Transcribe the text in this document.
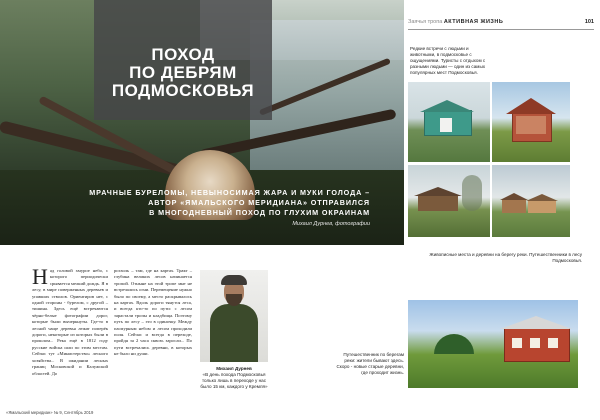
ПОХОД
ПО ДЕБРЯМ
ПОДМОСКОВЬЯ
МРАЧНЫЕ БУРЕЛОМЫ, НЕВЫНОСИМАЯ ЖАРА И МУКИ ГОЛОДА –
АВТОР «ЯМАЛЬСКОГО МЕРИДИАНА» ОТПРАВИЛСЯ
В МНОГОДНЕВНЫЙ ПОХОД ПО ГЛУХИМ ОКРАИНАМ
Михаил Дурнев, фотографии
Н ад головой хмурое небо, с которого периодически срывается мелкий дождь. Я в лесу, в мире поверженных деревьев и упавших стволов. Ориентиров нет, с одной стороны - бурелом, с другой – тишина. Здесь ещё встречаются чёрно-белые фотографии дорог, которые были вычеркнуты. Где-то в лесной чаще деревья лежат поперёк дороги, некоторые из которых были в прошлом... Река ещё в 1812 году русские войска шли по этим местам. Сейчас тут «Министерство» лесного хозяйства... В ожидании лесных границ Московской и Калужской областей. До
рогаоль – там, где на картах. Тракт – глубина великих лесов начинается тропой. Отныне на этой тропе мне не встречались огни. Перемещение нужно было по своему, а место раскрывалось на картах. Вдоль дороги тянутся леса, и всегда кто-то по пути: с лесом зарастали тропы и кладбища. Поэтому путь по лесу – это в одиночку. Между пасмурным небом и лесом проходили поля. Сейчас и всегда в переходе, пройдя за 2 часа сквозь заросли... По пути встречались деревни, в которых не было ни души.
Михаил Дурнев
«В день похода Подмосковья только лишь в переходе у нас было 15 км, каждого у Кремля»
«Ямальский меридиан» № 9, Сентябрь 2019
Заячья тропа АКТИВНАЯ ЖИЗНЬ	101
Редкие встречи с людьми и животными, в подмосковье с ощущениями. Туристы с отдыхом с разными людьми — один из самых популярных мест Подмосковья.
Живописные места и деревни на берегу реки. Путешественники в лесу Подмосковья.
Путешественник по берегам реки: жители бывают здесь. Скоро - новые старые деревни, где проходит жизнь.
